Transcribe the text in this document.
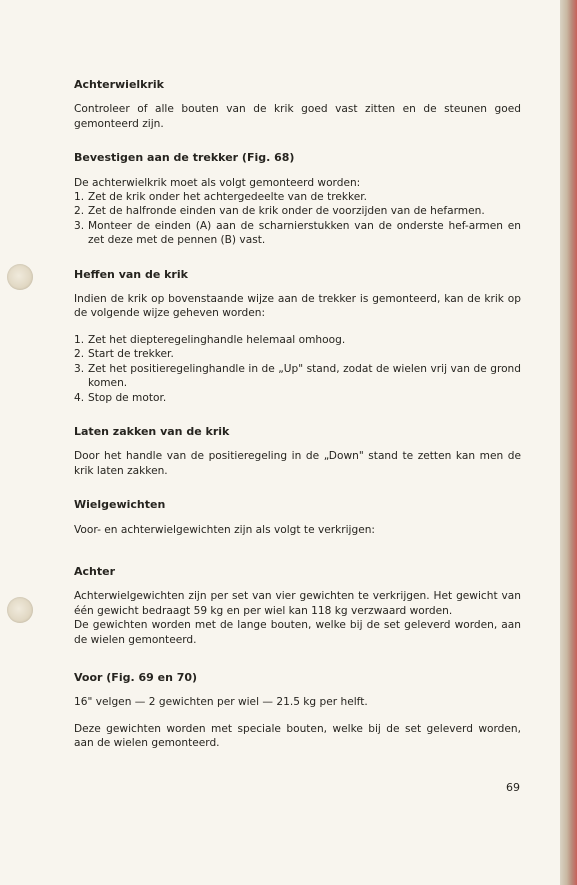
Achterwielkrik

Controleer of alle bouten van de krik goed vast zitten en de steunen goed gemonteerd zijn.

Bevestigen aan de trekker (Fig. 68)

De achterwielkrik moet als volgt gemonteerd worden:

1. Zet de krik onder het achtergedeelte van de trekker.
2. Zet de halfronde einden van de krik onder de voorzijden van de hefarmen.
3. Monteer de einden (A) aan de scharnierstukken van de onderste hef-armen en zet deze met de pennen (B) vast.
Heffen van de krik

Indien de krik op bovenstaande wijze aan de trekker is gemonteerd, kan de krik op de volgende wijze geheven worden:

1. Zet het diepteregelinghandle helemaal omhoog.
2. Start de trekker.
3. Zet het positieregelinghandle in de „Up" stand, zodat de wielen vrij van de grond komen.
4. Stop de motor.
Laten zakken van de krik

Door het handle van de positieregeling in de „Down" stand te zetten kan men de krik laten zakken.

Wielgewichten

Voor- en achterwielgewichten zijn als volgt te verkrijgen:

Achter

Achterwielgewichten zijn per set van vier gewichten te verkrijgen. Het gewicht van één gewicht bedraagt 59 kg en per wiel kan 118 kg verzwaard worden.

De gewichten worden met de lange bouten, welke bij de set geleverd worden, aan de wielen gemonteerd.

Voor (Fig. 69 en 70)

16" velgen — 2 gewichten per wiel — 21.5 kg per helft.

Deze gewichten worden met speciale bouten, welke bij de set geleverd worden, aan de wielen gemonteerd.

69
